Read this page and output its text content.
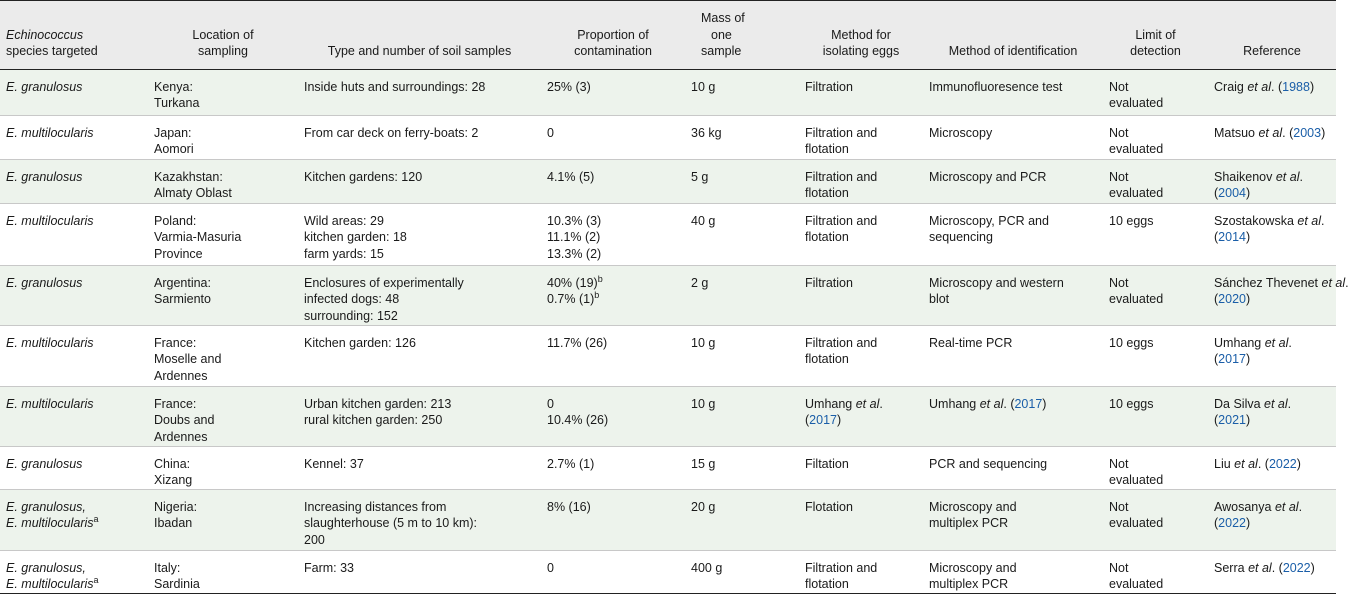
Echinococcus
species targeted	Location of
sampling	Type and number of soil samples	Proportion of
contamination	Mass of
one
sample	Method for
isolating eggs	Method of identification	Limit of
detection	Reference

E. granulosus	Kenya:
Turkana	Inside huts and surroundings: 28	25% (3)	10 g	Filtration	Immunofluoresence test	Not
evaluated	Craig et al. (1988)

E. multilocularis	Japan:
Aomori	From car deck on ferry-boats: 2	0	36 kg	Filtration and
flotation	Microscopy	Not
evaluated	Matsuo et al. (2003)

E. granulosus	Kazakhstan:
Almaty Oblast	Kitchen gardens: 120	4.1% (5)	5 g	Filtration and
flotation	Microscopy and PCR	Not
evaluated	Shaikenov et al.
(2004)

E. multilocularis	Poland:
Varmia-Masuria
Province	Wild areas: 29
kitchen garden: 18
farm yards: 15	10.3% (3)
11.1% (2)
13.3% (2)	40 g	Filtration and
flotation	Microscopy, PCR and
sequencing	10 eggs	Szostakowska et al.
(2014)

E. granulosus	Argentina:
Sarmiento	Enclosures of experimentally
infected dogs: 48
surrounding: 152	40% $(19)^b$
0.7% $(1)^b$	2 g	Filtration	Microscopy and western
blot	Not
evaluated	Sánchez Thevenet et al.
(2020)

E. multilocularis	France:
Moselle and
Ardennes	Kitchen garden: 126	11.7% (26)	10 g	Filtration and
flotation	Real-time PCR	10 eggs	Umhang et al.
(2017)

E. multilocularis	France:
Doubs and
Ardennes	Urban kitchen garden: 213
rural kitchen garden: 250	0
10.4% (26)	10 g	Umhang et al.
(2017)	Umhang et al. (2017)	10 eggs	Da Silva et al.
(2021)

E. granulosus	China:
Xizang	Kennel: 37	2.7% (1)	15 g	Filtation	PCR and sequencing	Not
evaluated	Liu et al. (2022)

E. granulosus,
E. multilocularis$^a$	Nigeria:
Ibadan	Increasing distances from
slaughterhouse (5 m to 10 km):
200	8% (16)	20 g	Flotation	Microscopy and
multiplex PCR	Not
evaluated	Awosanya et al.
(2022)

E. granulosus,
E. multilocularis$^a$	Italy:
Sardinia	Farm: 33	0	400 g	Filtration and
flotation	Microscopy and
multiplex PCR	Not
evaluated	Serra et al. (2022)
